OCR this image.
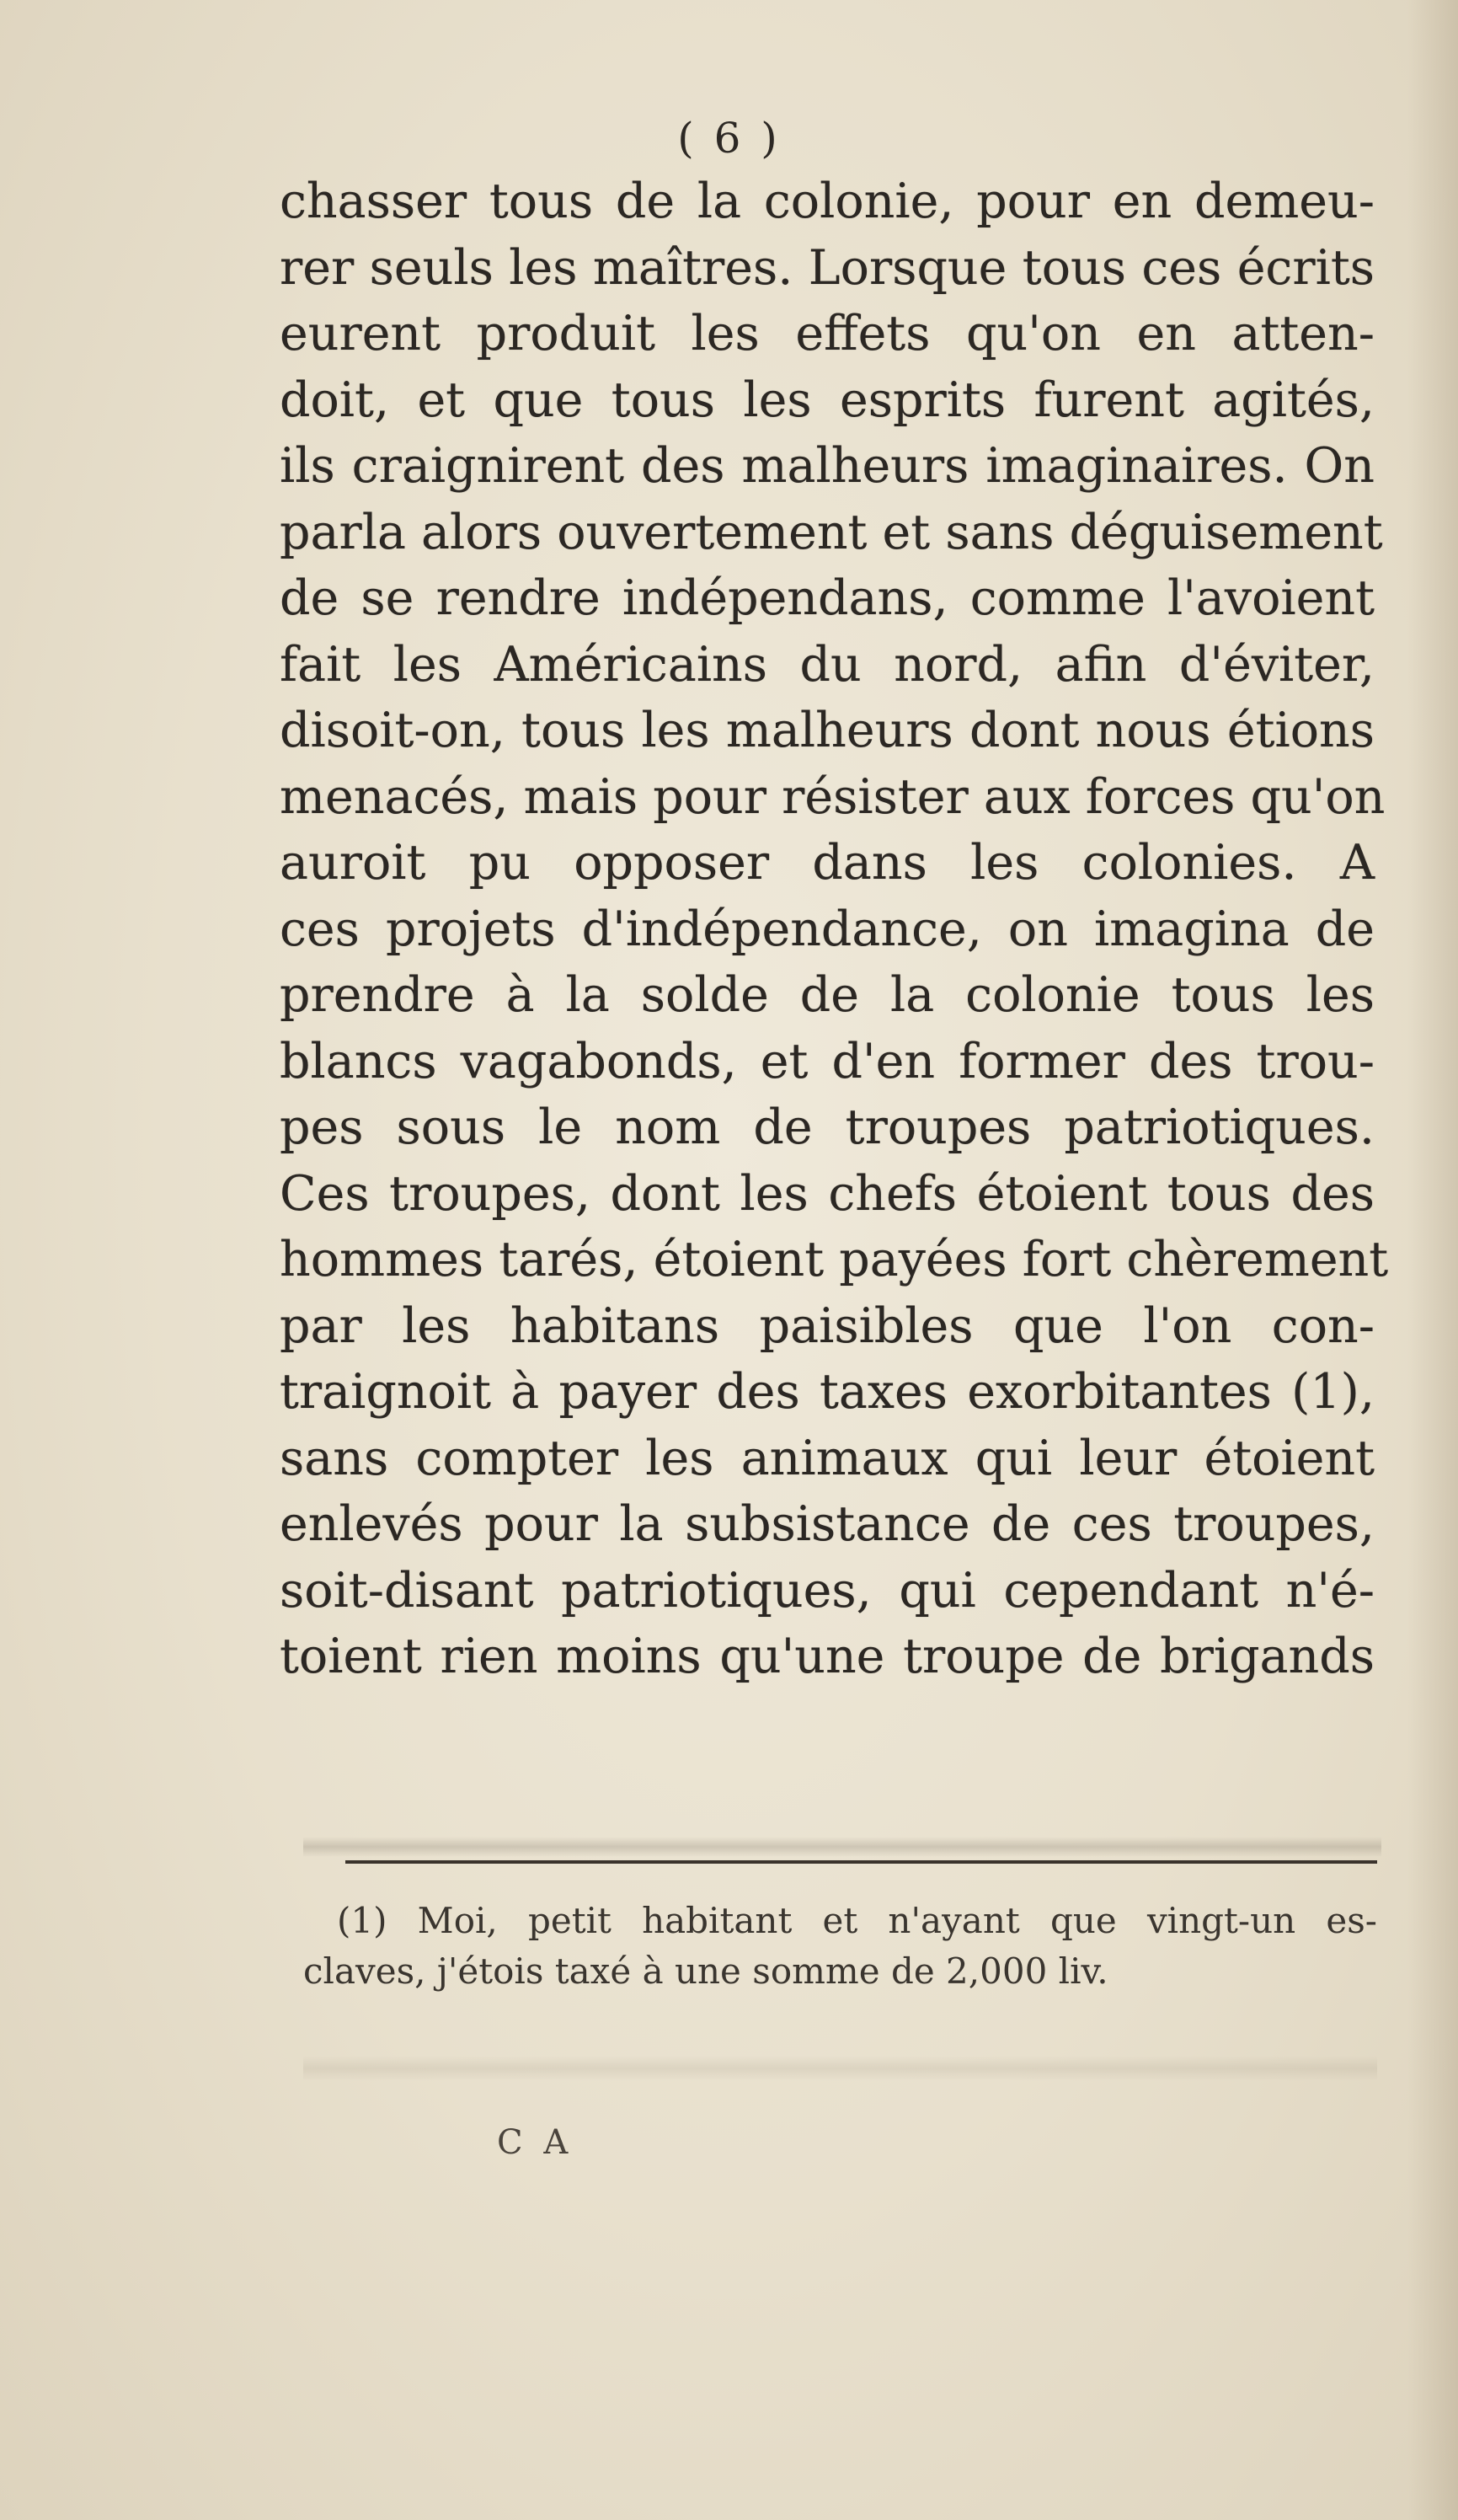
( 6 )
chasser tous de la colonie, pour en demeu-
rer seuls les maîtres. Lorsque tous ces écrits
eurent produit les effets qu'on en atten-
doit, et que tous les esprits furent agités,
ils craignirent des malheurs imaginaires. On
parla alors ouvertement et sans déguisement
de se rendre indépendans, comme l'avoient
fait les Américains du nord, afin d'éviter,
disoit-on, tous les malheurs dont nous étions
menacés, mais pour résister aux forces qu'on
auroit pu opposer dans les colonies. A
ces projets d'indépendance, on imagina de
prendre à la solde de la colonie tous les
blancs vagabonds, et d'en former des trou-
pes sous le nom de troupes patriotiques.
Ces troupes, dont les chefs étoient tous des
hommes tarés, étoient payées fort chèrement
par les habitans paisibles que l'on con-
traignoit à payer des taxes exorbitantes (1),
sans compter les animaux qui leur étoient
enlevés pour la subsistance de ces troupes,
soit-disant patriotiques, qui cependant n'é-
toient rien moins qu'une troupe de brigands
(1) Moi, petit habitant et n'ayant que vingt-un es-
claves, j'étois taxé à une somme de 2,000 liv.
C A
